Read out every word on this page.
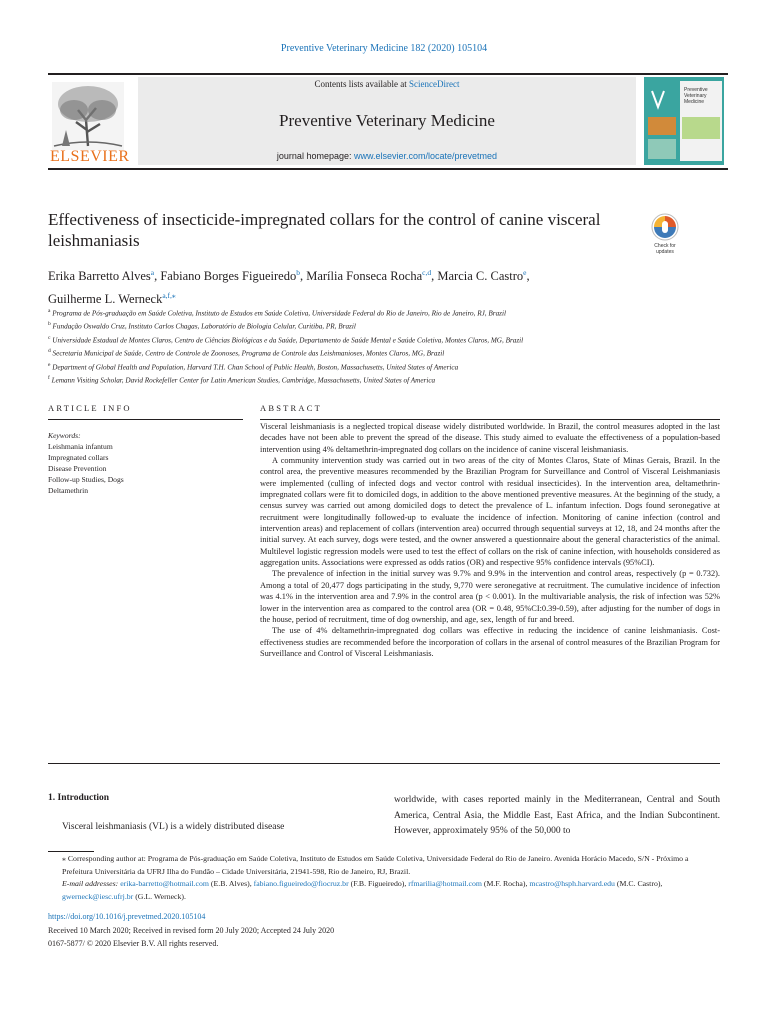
Preventive Veterinary Medicine 182 (2020) 105104
ELSEVIER
Contents lists available at ScienceDirect
Preventive Veterinary Medicine
journal homepage: www.elsevier.com/locate/prevetmed
Preventive
Veterinary
Medicine
Effectiveness of insecticide-impregnated collars for the control of canine visceral leishmaniasis	Check for
updates
Erika Barretto Alves$^a$, Fabiano Borges Figueiredo$^b$, Marília Fonseca Rocha$^{c,d}$, Marcia C. Castro$^e$,
Guilherme L. Werneck$^{a,f,⁎}$
$^a$ Programa de Pós-graduação em Saúde Coletiva, Instituto de Estudos em Saúde Coletiva, Universidade Federal do Rio de Janeiro, Rio de Janeiro, RJ, Brazil
$^b$ Fundação Oswaldo Cruz, Instituto Carlos Chagas, Laboratório de Biologia Celular, Curitiba, PR, Brazil
$^c$ Universidade Estadual de Montes Claros, Centro de Ciências Biológicas e da Saúde, Departamento de Saúde Mental e Saúde Coletiva, Montes Claros, MG, Brazil
$^d$ Secretaria Municipal de Saúde, Centro de Controle de Zoonoses, Programa de Controle das Leishmanioses, Montes Claros, MG, Brazil
$^e$ Department of Global Health and Population, Harvard T.H. Chan School of Public Health, Boston, Massachusetts, United States of America
$^f$ Lemann Visiting Scholar, David Rockefeller Center for Latin American Studies, Cambridge, Massachusetts, United States of America
ARTICLE INFO	ABSTRACT
Keywords:
Leishmania infantum
Impregnated collars
Disease Prevention
Follow-up Studies, Dogs
Deltamethrin

Visceral leishmaniasis is a neglected tropical disease widely distributed worldwide. In Brazil, the control measures adopted in the last decades have not been able to prevent the spread of the disease. This study aimed to evaluate the effectiveness of a population-based intervention using 4% deltamethrin-impregnated dog collars on the incidence of canine visceral leishmaniasis.

A community intervention study was carried out in two areas of the city of Montes Claros, State of Minas Gerais, Brazil. In the control area, the preventive measures recommended by the Brazilian Program for Surveillance and Control of Visceral Leishmaniasis were implemented (culling of infected dogs and vector control with residual insecticides). In the intervention area, deltamethrin-impregnated collars were fit to domiciled dogs, in addition to the above mentioned preventive measures. At the beginning of the study, a census survey was carried out among domiciled dogs to detect the prevalence of L. infantum infection. Dogs found seronegative at recruitment were longitudinally followed-up to evaluate the incidence of infection. Monitoring of canine infection (control and intervention areas) and replacement of collars (intervention area) occurred through sequential surveys at 12, 18, and 24 months after the initial survey. At each survey, dogs were tested, and the owner answered a questionnaire about the general characteristics of the animal. Multilevel logistic regression models were used to test the effect of collars on the risk of canine infection, with households considered as aggregation units. Associations were expressed as odds ratios (OR) and respective 95% confidence intervals (95%CI).

The prevalence of infection in the initial survey was 9.7% and 9.9% in the intervention and control areas, respectively (p = 0.732). Among a total of 20,477 dogs participating in the study, 9,770 were seronegative at recruitment. The cumulative incidence of infection was 4.1% in the intervention area and 7.9% in the control area (p < 0.001). In the multivariable analysis, the risk of infection was 52% lower in the intervention area as compared to the control area (OR = 0.48, 95%CI:0.39-0.59), after adjusting for the number of dogs in the house, period of recruitment, time of dog ownership, and age, sex, length of fur and breed.

The use of 4% deltamethrin-impregnated dog collars was effective in reducing the incidence of canine leishmaniasis. Cost-effectiveness studies are recommended before the incorporation of collars in the arsenal of control measures of the Brazilian Program for Surveillance and Control of Visceral Leishmaniasis.

1. Introduction
Visceral leishmaniasis (VL) is a widely distributed disease
worldwide, with cases reported mainly in the Mediterranean, Central and South America, Central Asia, the Middle East, East Africa, and the Indian Subcontinent. However, approximately 95% of the 50,000 to
⁎ Corresponding author at: Programa de Pós-graduação em Saúde Coletiva, Instituto de Estudos em Saúde Coletiva, Universidade Federal do Rio de Janeiro. Avenida Horácio Macedo, S/N - Próximo a Prefeitura Universitária da UFRJ Ilha do Fundão – Cidade Universitária, 21941-598, Rio de Janeiro, RJ, Brazil.
E-mail addresses: erika-barretto@hotmail.com (E.B. Alves), fabiano.figueiredo@fiocruz.br (F.B. Figueiredo), rfmarilia@hotmail.com (M.F. Rocha), mcastro@hsph.harvard.edu (M.C. Castro), gwerneck@iesc.ufrj.br (G.L. Werneck).
https://doi.org/10.1016/j.prevetmed.2020.105104
Received 10 March 2020; Received in revised form 20 July 2020; Accepted 24 July 2020
0167-5877/ © 2020 Elsevier B.V. All rights reserved.
